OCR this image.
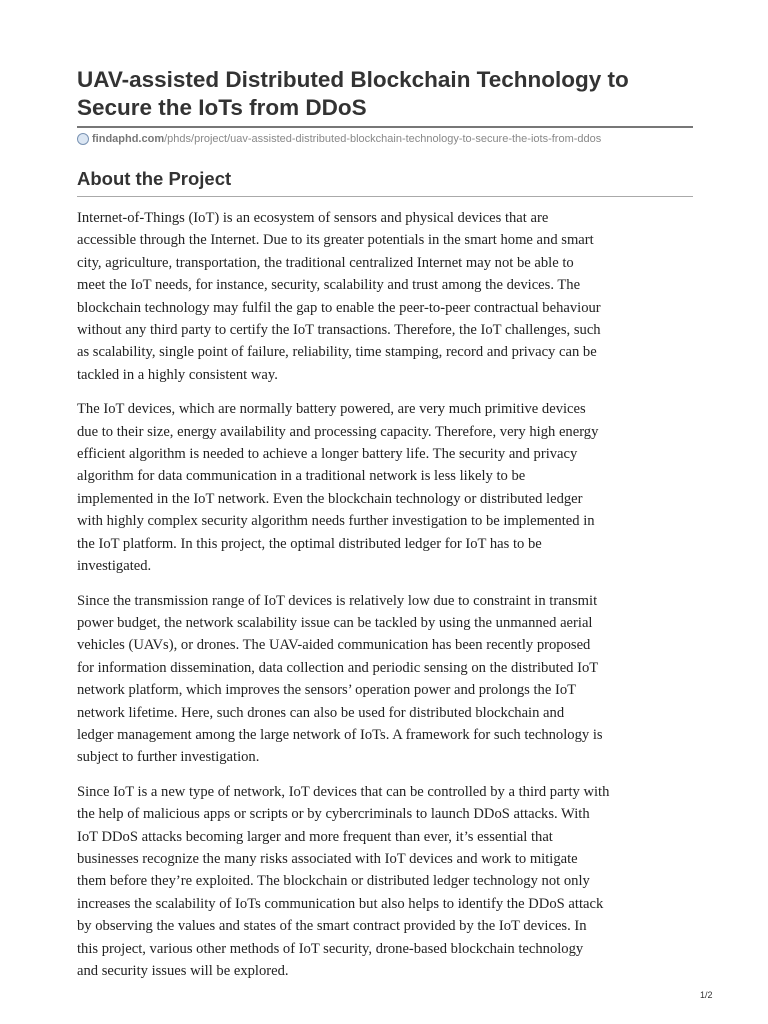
UAV-assisted Distributed Blockchain Technology to
Secure the IoTs from DDoS
findaphd.com/phds/project/uav-assisted-distributed-blockchain-technology-to-secure-the-iots-from-ddos
About the Project

Internet-of-Things (IoT) is an ecosystem of sensors and physical devices that are
accessible through the Internet. Due to its greater potentials in the smart home and smart
city, agriculture, transportation, the traditional centralized Internet may not be able to
meet the IoT needs, for instance, security, scalability and trust among the devices. The
blockchain technology may fulfil the gap to enable the peer-to-peer contractual behaviour
without any third party to certify the IoT transactions. Therefore, the IoT challenges, such
as scalability, single point of failure, reliability, time stamping, record and privacy can be
tackled in a highly consistent way.

The IoT devices, which are normally battery powered, are very much primitive devices
due to their size, energy availability and processing capacity. Therefore, very high energy
efficient algorithm is needed to achieve a longer battery life. The security and privacy
algorithm for data communication in a traditional network is less likely to be
implemented in the IoT network. Even the blockchain technology or distributed ledger
with highly complex security algorithm needs further investigation to be implemented in
the IoT platform. In this project, the optimal distributed ledger for IoT has to be
investigated.

Since the transmission range of IoT devices is relatively low due to constraint in transmit
power budget, the network scalability issue can be tackled by using the unmanned aerial
vehicles (UAVs), or drones. The UAV-aided communication has been recently proposed
for information dissemination, data collection and periodic sensing on the distributed IoT
network platform, which improves the sensors’ operation power and prolongs the IoT
network lifetime. Here, such drones can also be used for distributed blockchain and
ledger management among the large network of IoTs. A framework for such technology is
subject to further investigation.

Since IoT is a new type of network, IoT devices that can be controlled by a third party with
the help of malicious apps or scripts or by cybercriminals to launch DDoS attacks. With
IoT DDoS attacks becoming larger and more frequent than ever, it’s essential that
businesses recognize the many risks associated with IoT devices and work to mitigate
them before they’re exploited. The blockchain or distributed ledger technology not only
increases the scalability of IoTs communication but also helps to identify the DDoS attack
by observing the values and states of the smart contract provided by the IoT devices. In
this project, various other methods of IoT security, drone-based blockchain technology
and security issues will be explored.

1/2
